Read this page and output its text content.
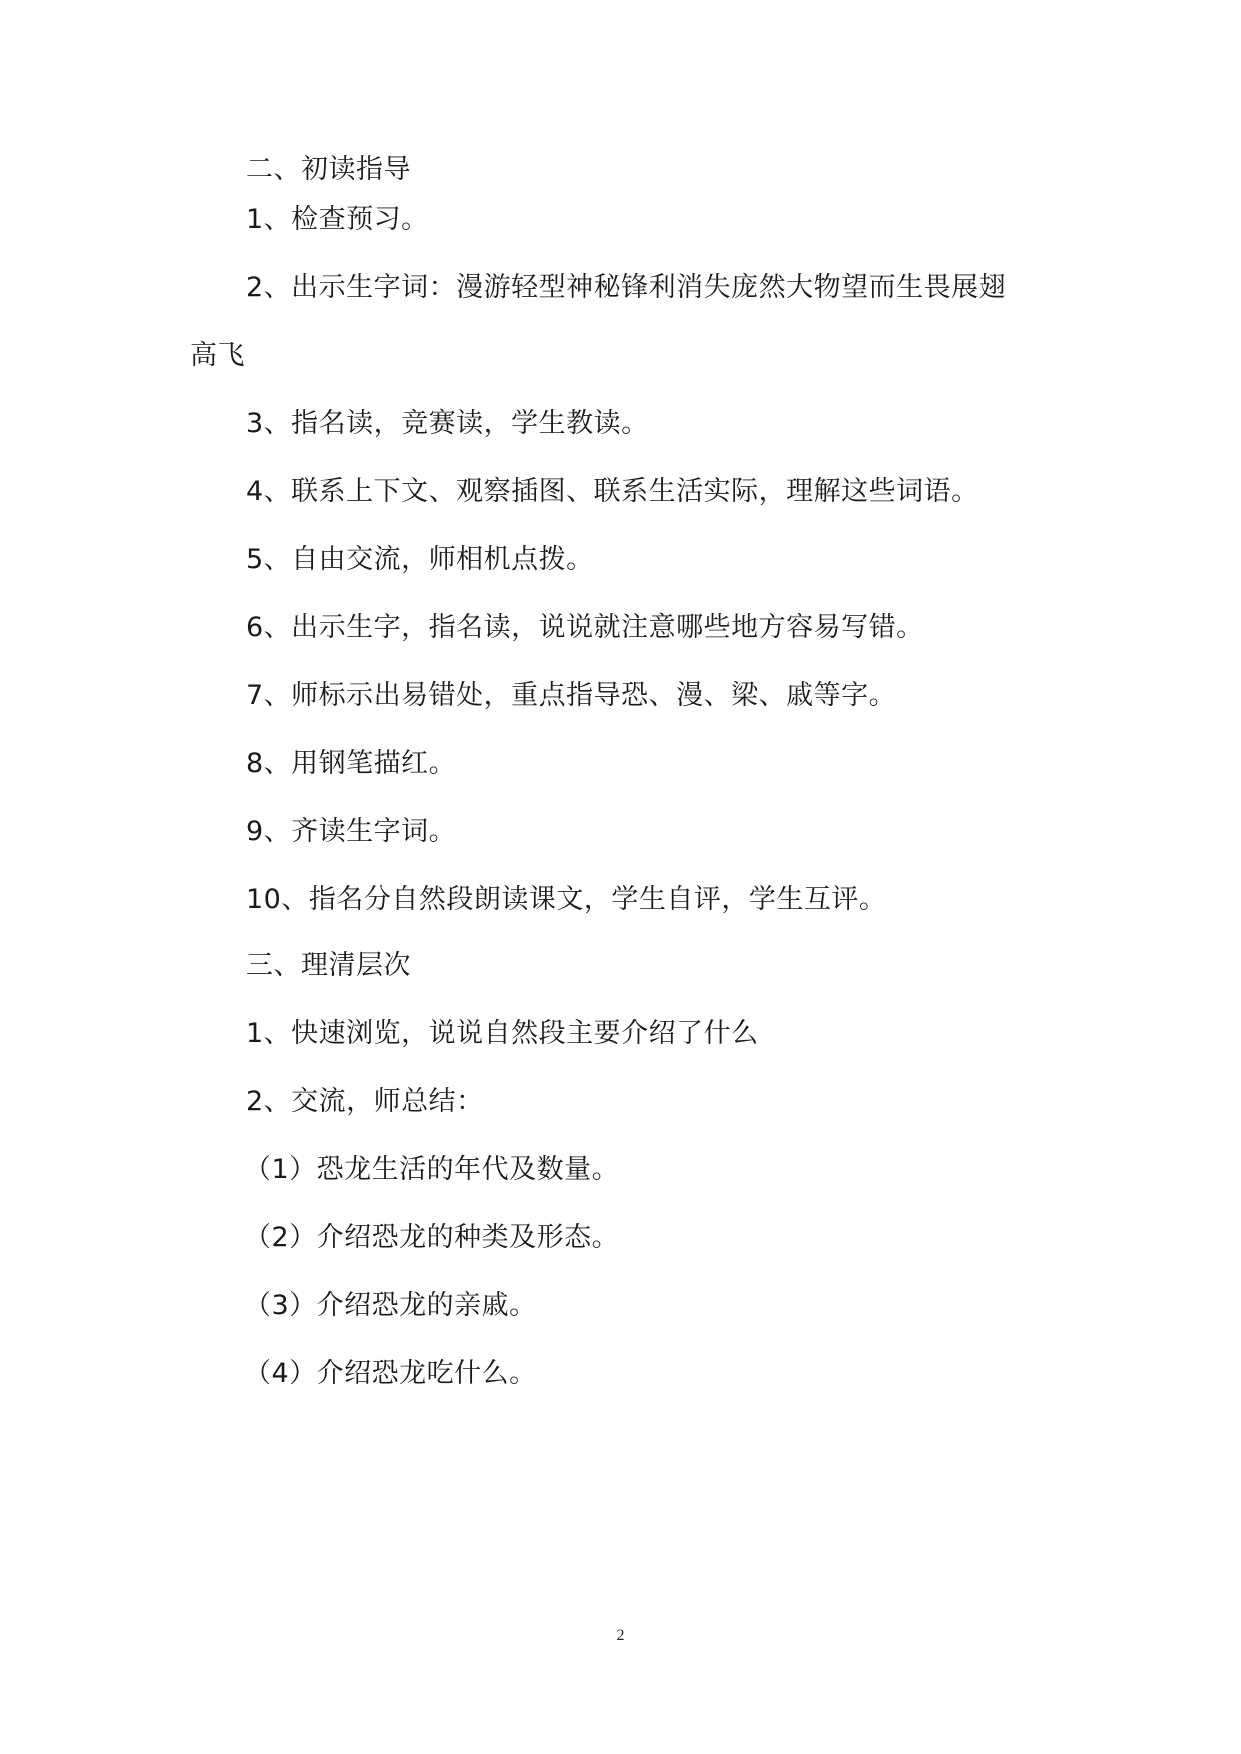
二、初读指导
1、检查预习。
2、出示生字词：漫游轻型神秘锋利消失庞然大物望而生畏展翅
高飞
3、指名读，竞赛读，学生教读。
4、联系上下文、观察插图、联系生活实际，理解这些词语。
5、自由交流，师相机点拨。
6、出示生字，指名读，说说就注意哪些地方容易写错。
7、师标示出易错处，重点指导恐、漫、梁、戚等字。
8、用钢笔描红。
9、齐读生字词。
10、指名分自然段朗读课文，学生自评，学生互评。
三、理清层次
1、快速浏览，说说自然段主要介绍了什么
2、交流，师总结：
（1）恐龙生活的年代及数量。
（2）介绍恐龙的种类及形态。
（3）介绍恐龙的亲戚。
（4）介绍恐龙吃什么。
2
